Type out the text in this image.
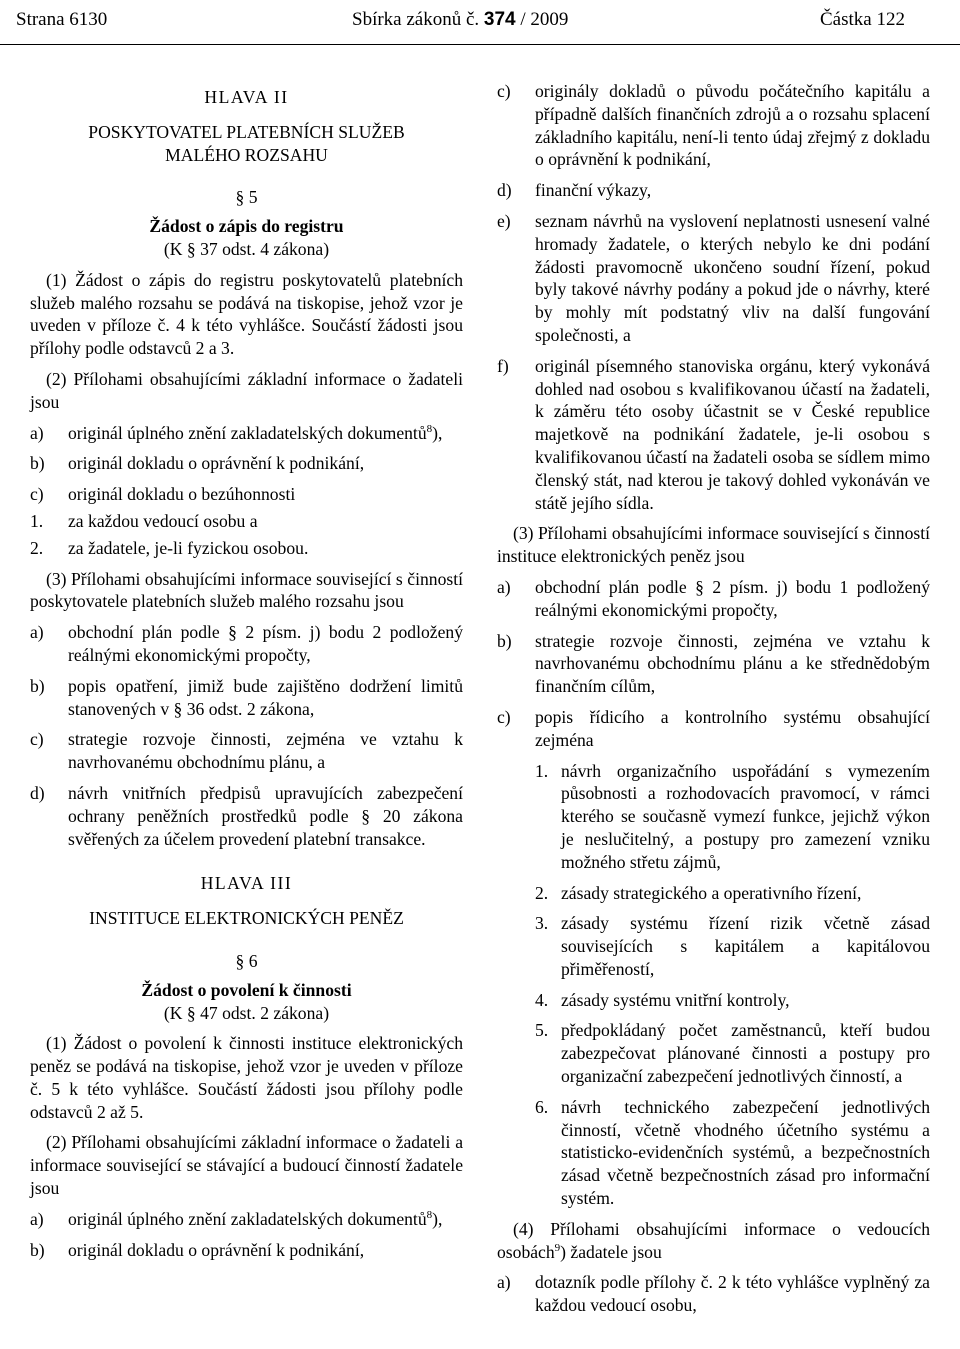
Strana 6130	Sbírka zákonů č. 374 / 2009	Částka 122

HLAVA II

POSKYTOVATEL PLATEBNÍCH SLUŽEB

MALÉHO ROZSAHU

§ 5

Žádost o zápis do registru

(K § 37 odst. 4 zákona)

(1) Žádost o zápis do registru poskytovatelů platebních služeb malého rozsahu se podává na tiskopise, jehož vzor je uveden v příloze č. 4 k této vyhlášce. Součástí žádosti jsou přílohy podle odstavců 2 a 3.

(2) Přílohami obsahujícími základní informace o žadateli jsou

a) originál úplného znění zakladatelských dokumentů$^8$),
b) originál dokladu o oprávnění k podnikání,
c) originál dokladu o bezúhonnosti
1. za každou vedoucí osobu a
2. za žadatele, je-li fyzickou osobou.

(3) Přílohami obsahujícími informace související s činností poskytovatele platebních služeb malého rozsahu jsou

a) obchodní plán podle § 2 písm. j) bodu 2 podložený reálnými ekonomickými propočty,
b) popis opatření, jimiž bude zajištěno dodržení limitů stanovených v § 36 odst. 2 zákona,
c) strategie rozvoje činnosti, zejména ve vztahu k navrhovanému obchodnímu plánu, a
d) návrh vnitřních předpisů upravujících zabezpečení ochrany peněžních prostředků podle § 20 zákona svěřených za účelem provedení platební transakce.

HLAVA III

INSTITUCE ELEKTRONICKÝCH PENĚZ

§ 6

Žádost o povolení k činnosti

(K § 47 odst. 2 zákona)

(1) Žádost o povolení k činnosti instituce elektronických peněz se podává na tiskopise, jehož vzor je uveden v příloze č. 5 k této vyhlášce. Součástí žádosti jsou přílohy podle odstavců 2 až 5.

(2) Přílohami obsahujícími základní informace o žadateli a informace související se stávající a budoucí činností žadatele jsou

a) originál úplného znění zakladatelských dokumentů$^8$),
b) originál dokladu o oprávnění k podnikání,
c) originály dokladů o původu počátečního kapitálu a případně dalších finančních zdrojů a o rozsahu splacení základního kapitálu, není-li tento údaj zřejmý z dokladu o oprávnění k podnikání,
d) finanční výkazy,
e) seznam návrhů na vyslovení neplatnosti usnesení valné hromady žadatele, o kterých nebylo ke dni podání žádosti pravomocně ukončeno soudní řízení, pokud byly takové návrhy podány a pokud jde o návrhy, které by mohly mít podstatný vliv na další fungování společnosti, a
f) originál písemného stanoviska orgánu, který vykonává dohled nad osobou s kvalifikovanou účastí na žadateli, k záměru této osoby účastnit se v České republice majetkově na podnikání žadatele, je-li osobou s kvalifikovanou účastí na žadateli osoba se sídlem mimo členský stát, nad kterou je takový dohled vykonáván ve státě jejího sídla.

(3) Přílohami obsahujícími informace související s činností instituce elektronických peněz jsou

a) obchodní plán podle § 2 písm. j) bodu 1 podložený reálnými ekonomickými propočty,
b) strategie rozvoje činnosti, zejména ve vztahu k navrhovanému obchodnímu plánu a ke střednědobým finančním cílům,
c) popis řídicího a kontrolního systému obsahující zejména
1. návrh organizačního uspořádání s vymezením působnosti a rozhodovacích pravomocí, v rámci kterého se současně vymezí funkce, jejichž výkon je neslučitelný, a postupy pro zamezení vzniku možného střetu zájmů,
2. zásady strategického a operativního řízení,
3. zásady systému řízení rizik včetně zásad souvisejících s kapitálem a kapitálovou přiměřeností,
4. zásady systému vnitřní kontroly,
5. předpokládaný počet zaměstnanců, kteří budou zabezpečovat plánované činnosti a postupy pro organizační zabezpečení jednotlivých činností, a
6. návrh technického zabezpečení jednotlivých činností, včetně vhodného účetního systému a statisticko-evidenčních systémů, a bezpečnostních zásad včetně bezpečnostních zásad pro informační systém.

(4) Přílohami obsahujícími informace o vedoucích osobách$^9$) žadatele jsou

a) dotazník podle přílohy č. 2 k této vyhlášce vyplněný za každou vedoucí osobu,
